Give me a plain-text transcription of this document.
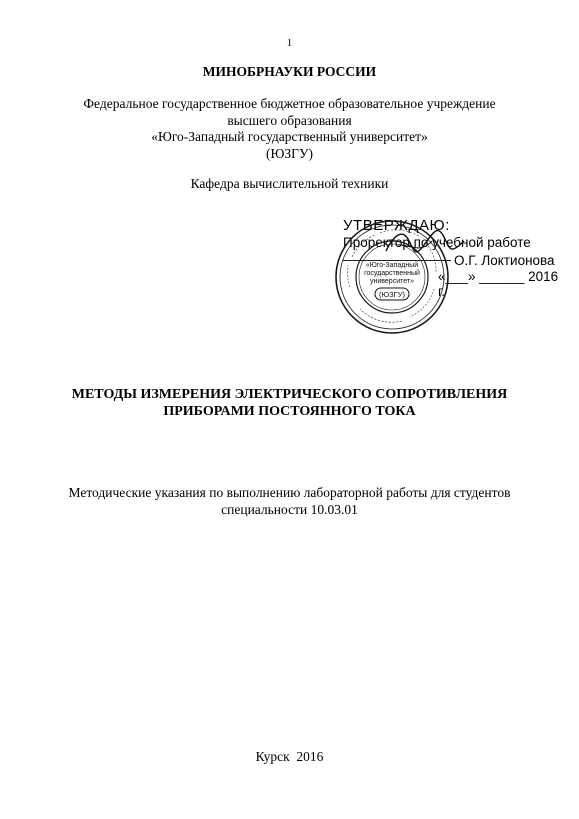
1
МИНОБРНАУКИ РОССИИ
Федеральное государственное бюджетное образовательное учреждение
высшего образования
«Юго-Западный государственный университет»
(ЮЗГУ)
Кафедра вычислительной техники
УТВЕРЖДАЮ:
Проректор по учебной работе
О.Г. Локтионова
«___» ______ 2016 г.
«Юго-Западный
государственный
университет»
(ЮЗГУ)
МЕТОДЫ ИЗМЕРЕНИЯ ЭЛЕКТРИЧЕСКОГО СОПРОТИВЛЕНИЯ
ПРИБОРАМИ ПОСТОЯННОГО ТОКА
Методические указания по выполнению лабораторной работы для студентов
специальности 10.03.01
Курск  2016
